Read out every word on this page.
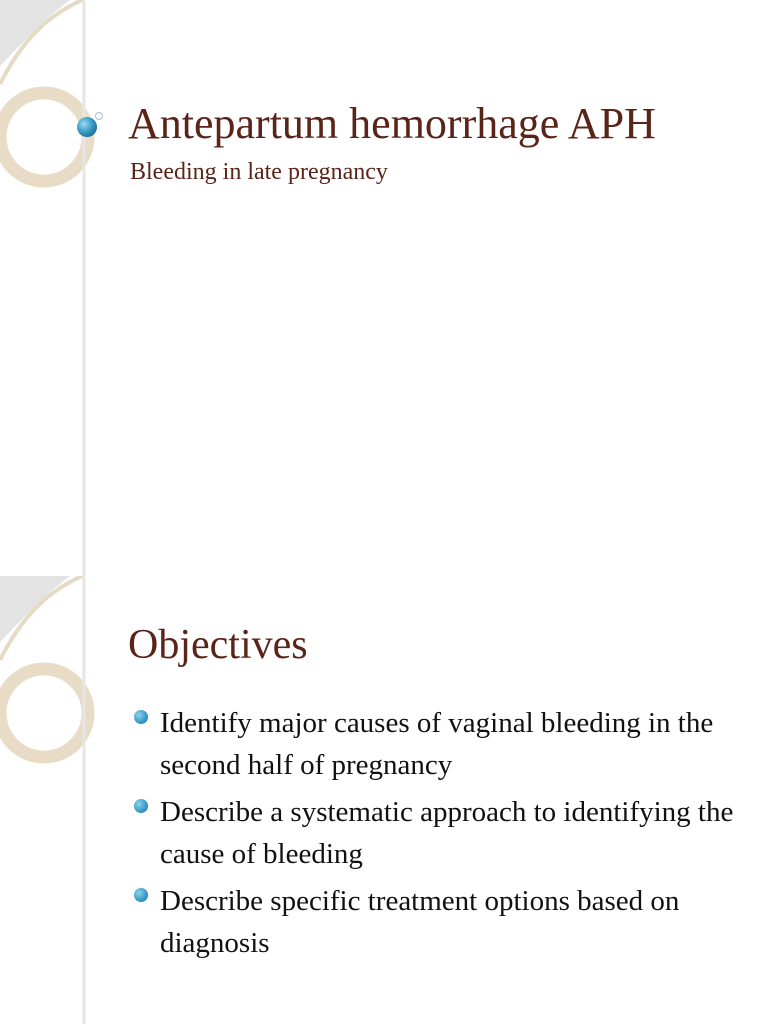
Antepartum hemorrhage APH

Bleeding in late pregnancy

Objectives
Identify major causes of vaginal bleeding in the second half of pregnancy
Describe a systematic approach to identifying the cause of bleeding
Describe specific treatment options based on diagnosis
